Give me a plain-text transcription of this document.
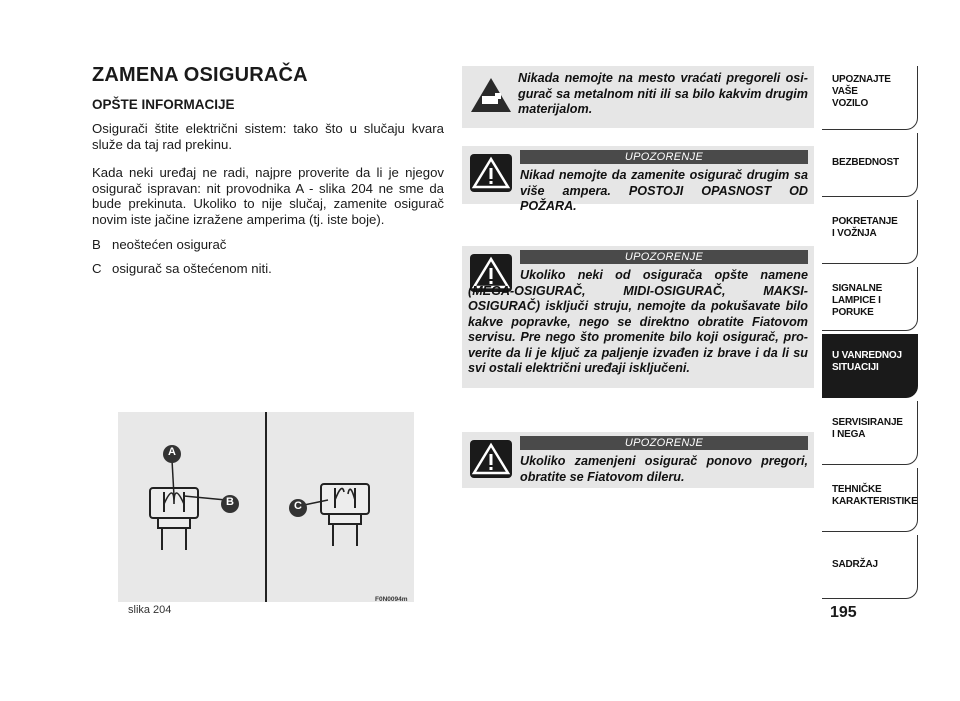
ZAMENA OSIGURAČA
OPŠTE INFORMACIJE
Osigurači štite električni sistem: tako što u slučaju kvara služe da taj rad prekinu.
Kada neki uređaj ne radi, najpre proverite da li je njegov osigurač ispravan: nit provodnika A - slika 204 ne sme da bude prekinuta. Ukoliko to nije slučaj, zamenite osigurač novim iste jačine izražene amperima (tj. iste boje).
B neoštećen osigurač
C osigurač sa oštećenom niti.
A
B	C
slika 204
F0N0094m
Nikada nemojte na mesto vraćati pregoreli osigurač sa metalnom niti ili sa bilo kakvim drugim materijalom.
UPOZORENJE
Nikad nemojte da zamenite osigurač drugim sa više ampera. POSTOJI OPASNOST OD POŽARA.
UPOZORENJE
Ukoliko neki od osigurača opšte namene (MEGA-OSIGURAČ, MIDI-OSIGURAČ, MAKSI-OSIGURAČ) isključi struju, nemojte da pokušavate bilo kakve popravke, nego se direktno obratite Fiatovom servisu. Pre nego što promenite bilo koji osigurač, proverite da li je ključ za paljenje izvađen iz brave i da li su svi ostali električni uređaji isključeni.
UPOZORENJE
Ukoliko zamenjeni osigurač ponovo pregori, obratite se Fiatovom dileru.
UPOZNAJTE
VAŠE
VOZILO
BEZBEDNOST
POKRETANJE
I VOŽNJA
SIGNALNE
LAMPICE I PORUKE
U VANREDNOJ
SITUACIJI
SERVISIRANJE
I NEGA
TEHNIČKE
KARAKTERISTIKE
SADRŽAJ
195
